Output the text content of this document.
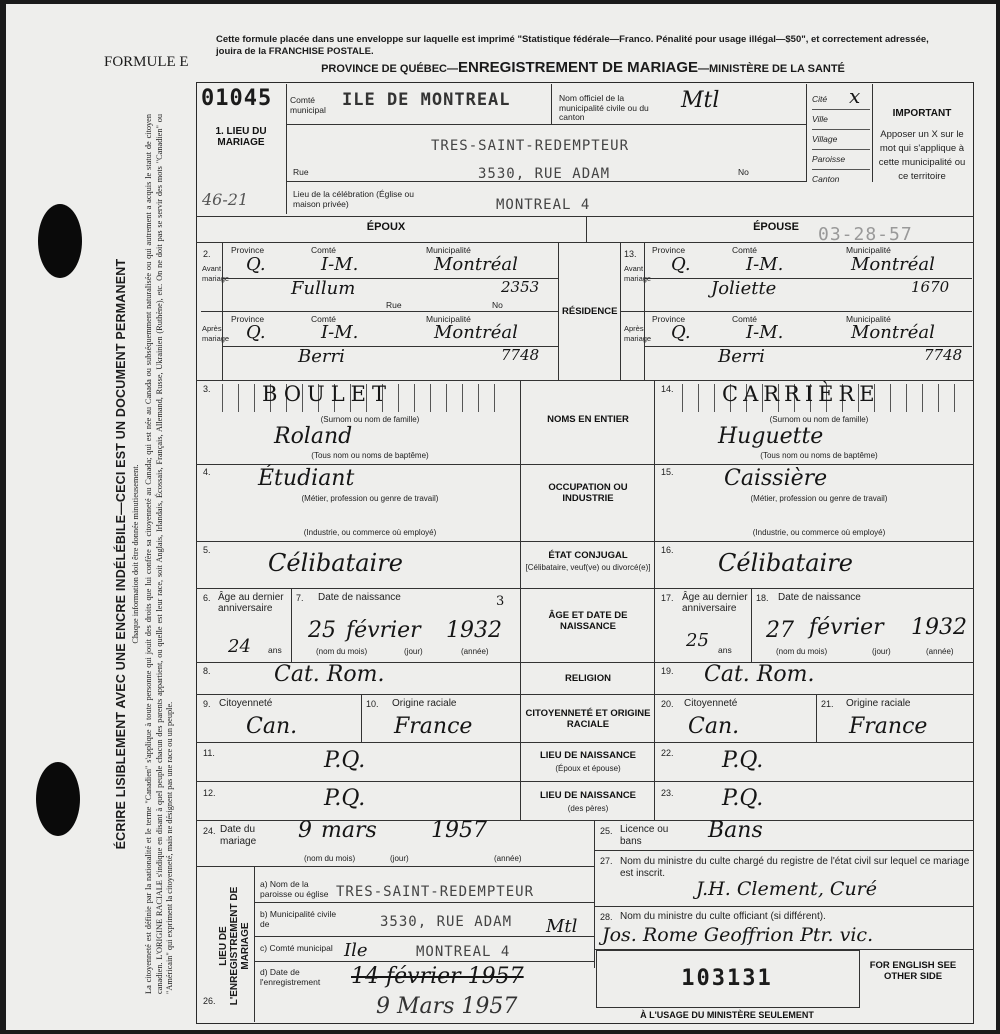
FORMULE E
ÉCRIRE LISIBLEMENT AVEC UNE ENCRE INDÉLÉBILE—CECI EST UN DOCUMENT PERMANENT Chaque information doit être donnée minutieusement. La citoyenneté est définie par la nationalité et le terme "Canadien" s'applique à toute personne qui jouit des droits que lui confère sa citoyenneté au Canada; qui est née au Canada ou subséquemment naturalisée ou qui autrement a acquis le statut de citoyen canadien. L'ORIGINE RACIALE s'indique en disant à quel peuple chacun des parents appartient, ou quelle est leur race, soit Anglais, Irlandais, Écossais, Français, Allemand, Russe, Ukrainien (Ruthène), etc. On ne doit pas se servir des mots "Canadien" ou "Américain" qui expriment la citoyenneté, mais ne désignent pas une race ou un peuple.
Cette formule placée dans une enveloppe sur laquelle est imprimé "Statistique fédérale—Franco. Pénalité pour usage illégal—$50", et correctement adressée, jouira de la FRANCHISE POSTALE.
PROVINCE DE QUÉBEC—ENREGISTREMENT DE MARIAGE—MINISTÈRE DE LA SANTÉ
01045
1. LIEU DU MARIAGE
46-21
Comté municipal ILE DE MONTREAL	Nom officiel de la municipalité civile ou du canton
Mtl
TRES-SAINT-REDEMPTEUR
3530, RUE ADAM
Rue	No
Lieu de la célébration (Église ou maison privée)	MONTREAL 4
Cité
Ville
Village
Paroisse
Canton
x
IMPORTANT
Apposer un X sur le mot qui s'applique à cette municipalité ou ce territoire
ÉPOUX	ÉPOUSE	03-28-57
2.
Avant mariage
Après mariage
Province	Comté	Municipalité
Q.	I-M.	Montréal
Fullum	2353
Rue	No
Province	Comté	Municipalité
Q.	I-M.	Montréal
Berri	7748
RÉSIDENCE
13.
Avant mariage
Après mariage
Province	Comté	Municipalité
Q.	I-M.	Montréal
Joliette	1670
Province	Comté	Municipalité
Q.	I-M.	Montréal
Berri	7748
3. BOULET
(Surnom ou nom de famille)
Roland
(Tous nom ou noms de baptême)
NOMS EN ENTIER
14. CARRIÈRE
(Surnom ou nom de famille)
Huguette
(Tous nom ou noms de baptême)
4. Étudiant
(Métier, profession ou genre de travail)
(Industrie, ou commerce où employé)
OCCUPATION OU INDUSTRIE
15. Caissière
(Métier, profession ou genre de travail)
(Industrie, ou commerce où employé)
5. Célibataire	ÉTAT CONJUGAL
[Célibataire, veuf(ve) ou divorcé(e)]
16. Célibataire
6. Âge au dernier anniversaire
24 ans
7. Date de naissance	3
25 février 1932
(nom du mois)	(jour)	(année)
ÂGE ET DATE DE NAISSANCE
17. Âge au dernier anniversaire
25 ans
18. Date de naissance
27 février 1932
(nom du mois)	(jour)	(année)
8.	Cat. Rom.	RELIGION
19. Cat. Rom.
9. Citoyenneté
Can.
10. Origine raciale
France
CITOYENNETÉ ET ORIGINE RACIALE
20. Citoyenneté
Can.
21. Origine raciale
France
11.	P.Q.	LIEU DE NAISSANCE
(Époux et épouse)
22. P.Q.
12.	P.Q.	LIEU DE NAISSANCE
(des pères)
23. P.Q.
24. Date du mariage	9 mars 1957
(nom du mois)	(jour)	(année)
25. Licence ou bans	Bans
26.
LIEU DE L'ENREGISTREMENT DE MARIAGE
a) Nom de la paroisse ou église TRES-SAINT-REDEMPTEUR
b) Municipalité civile de	3530, RUE ADAM Mtl
c) Comté municipal Ile	MONTREAL 4
d) Date de l'enregistrement	14 février 1957
9 Mars 1957
27. Nom du ministre du culte chargé du registre de l'état civil sur lequel ce mariage est inscrit.
J.H. Clement, Curé
28. Nom du ministre du culte officiant (si différent).
Jos. Rome Geoffrion Ptr. vic.
103131
À L'USAGE DU MINISTÈRE SEULEMENT
FOR ENGLISH SEE OTHER SIDE
